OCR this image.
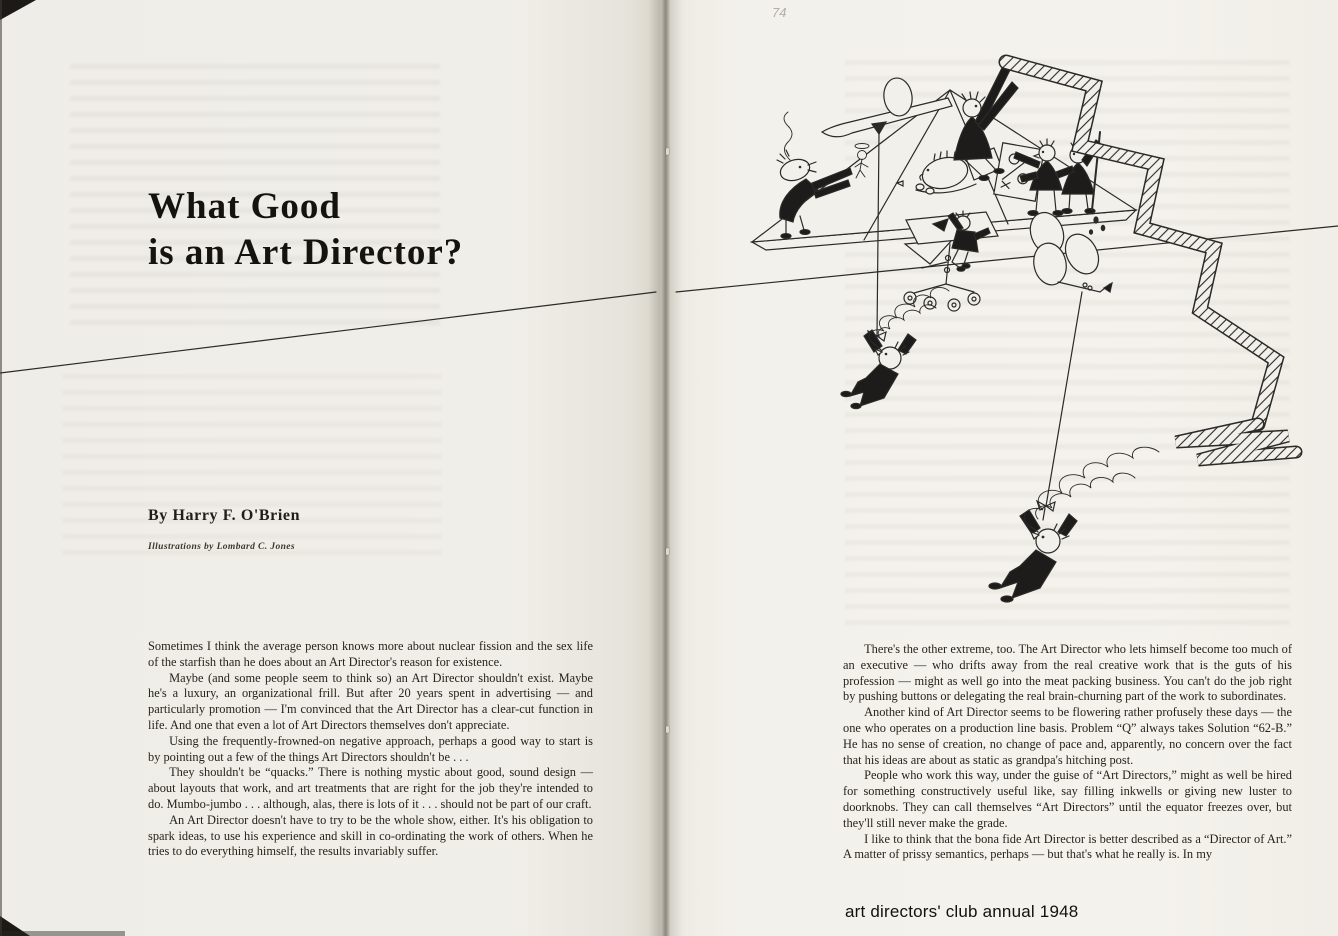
What Good
is an Art Director?
By Harry F. O'Brien
Illustrations by Lombard C. Jones

Sometimes I think the average person knows more about nuclear fission and the sex life of the starfish than he does about an Art Director's reason for existence.

Maybe (and some people seem to think so) an Art Director shouldn't exist. Maybe he's a luxury, an organizational frill. But after 20 years spent in advertising — and particularly promotion — I'm convinced that the Art Director has a clear-cut function in life. And one that even a lot of Art Directors themselves don't appreciate.

Using the frequently-frowned-on negative approach, perhaps a good way to start is by pointing out a few of the things Art Directors shouldn't be . . .

They shouldn't be “quacks.” There is nothing mystic about good, sound design — about layouts that work, and art treatments that are right for the job they're intended to do. Mumbo-jumbo . . . although, alas, there is lots of it . . . should not be part of our craft.

An Art Director doesn't have to try to be the whole show, either. It's his obligation to spark ideas, to use his experience and skill in co-ordinating the work of others. When he tries to do everything himself, the results invariably suffer.

There's the other extreme, too. The Art Director who lets himself become too much of an executive — who drifts away from the real creative work that is the guts of his profession — might as well go into the meat packing business. You can't do the job right by pushing buttons or delegating the real brain-churning part of the work to subordinates.

Another kind of Art Director seems to be flowering rather profusely these days — the one who operates on a production line basis. Problem “Q” always takes Solution “62-B.” He has no sense of creation, no change of pace and, apparently, no concern over the fact that his ideas are about as static as grandpa's hitching post.

People who work this way, under the guise of “Art Directors,” might as well be hired for something constructively useful like, say filling inkwells or giving new luster to doorknobs. They can call themselves “Art Directors” until the equator freezes over, but they'll still never make the grade.

I like to think that the bona fide Art Director is better described as a “Director of Art.” A matter of prissy semantics, perhaps — but that's what he really is. In my

art directors' club annual 1948
74
